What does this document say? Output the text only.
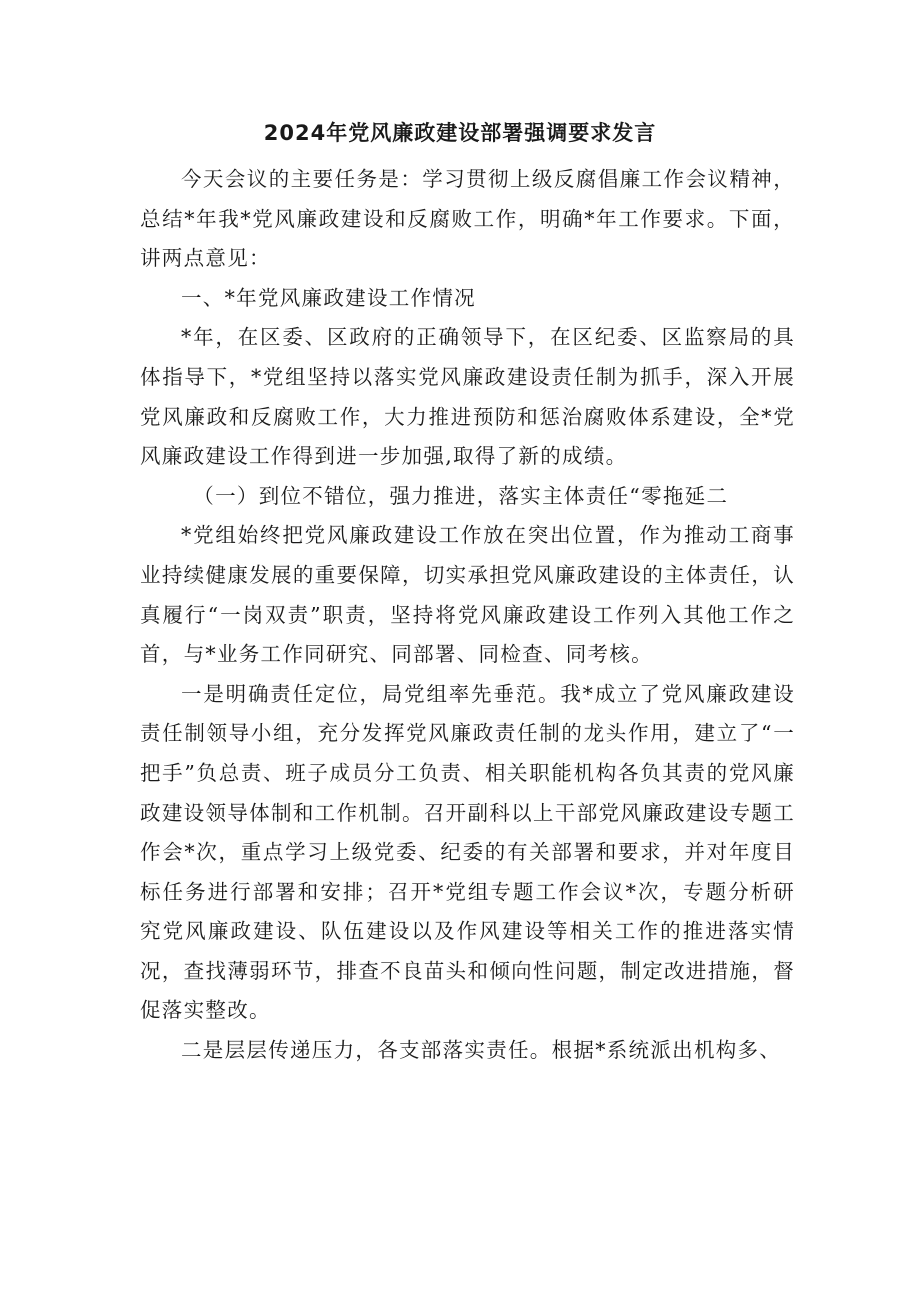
2024年党风廉政建设部署强调要求发言

今天会议的主要任务是：学习贯彻上级反腐倡廉工作会议精神，总结*年我*党风廉政建设和反腐败工作，明确*年工作要求。下面，讲两点意见：

一、*年党风廉政建设工作情况

*年，在区委、区政府的正确领导下，在区纪委、区监察局的具体指导下，*党组坚持以落实党风廉政建设责任制为抓手，深入开展党风廉政和反腐败工作，大力推进预防和惩治腐败体系建设，全*党风廉政建设工作得到进一步加强,取得了新的成绩。

（一）到位不错位，强力推进，落实主体责任“零拖延二

*党组始终把党风廉政建设工作放在突出位置，作为推动工商事业持续健康发展的重要保障，切实承担党风廉政建设的主体责任，认真履行“一岗双责”职责，坚持将党风廉政建设工作列入其他工作之首，与*业务工作同研究、同部署、同检查、同考核。

一是明确责任定位，局党组率先垂范。我*成立了党风廉政建设责任制领导小组，充分发挥党风廉政责任制的龙头作用，建立了“一把手”负总责、班子成员分工负责、相关职能机构各负其责的党风廉政建设领导体制和工作机制。召开副科以上干部党风廉政建设专题工作会*次，重点学习上级党委、纪委的有关部署和要求，并对年度目标任务进行部署和安排；召开*党组专题工作会议*次，专题分析研究党风廉政建设、队伍建设以及作风建设等相关工作的推进落实情况，查找薄弱环节，排查不良苗头和倾向性问题，制定改进措施，督促落实整改。

二是层层传递压力，各支部落实责任。根据*系统派出机构多、
